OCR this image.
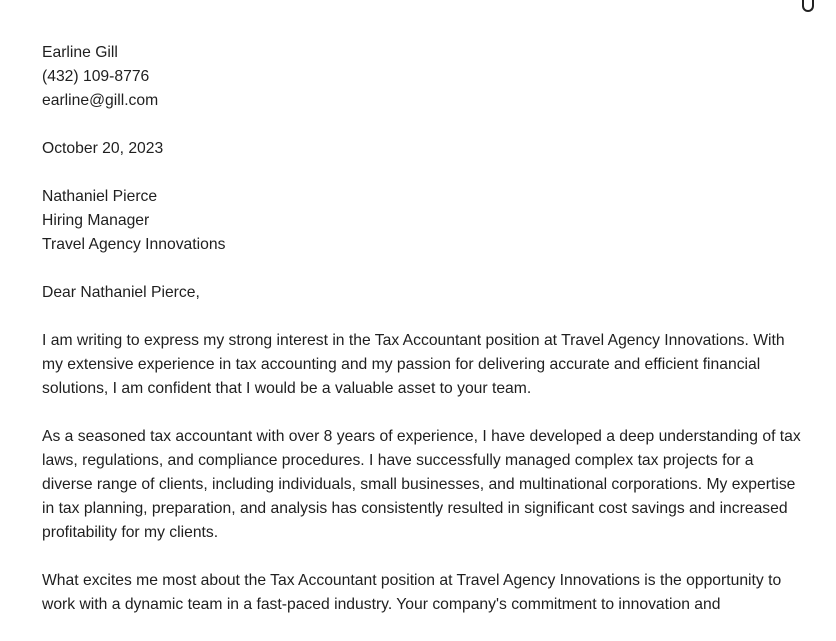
Earline Gill
(432) 109-8776
earline@gill.com

October 20, 2023

Nathaniel Pierce
Hiring Manager
Travel Agency Innovations

Dear Nathaniel Pierce,

I am writing to express my strong interest in the Tax Accountant position at Travel Agency Innovations. With my extensive experience in tax accounting and my passion for delivering accurate and efficient financial solutions, I am confident that I would be a valuable asset to your team.

As a seasoned tax accountant with over 8 years of experience, I have developed a deep understanding of tax laws, regulations, and compliance procedures. I have successfully managed complex tax projects for a diverse range of clients, including individuals, small businesses, and multinational corporations. My expertise in tax planning, preparation, and analysis has consistently resulted in significant cost savings and increased profitability for my clients.

What excites me most about the Tax Accountant position at Travel Agency Innovations is the opportunity to work with a dynamic team in a fast-paced industry. Your company's commitment to innovation and
